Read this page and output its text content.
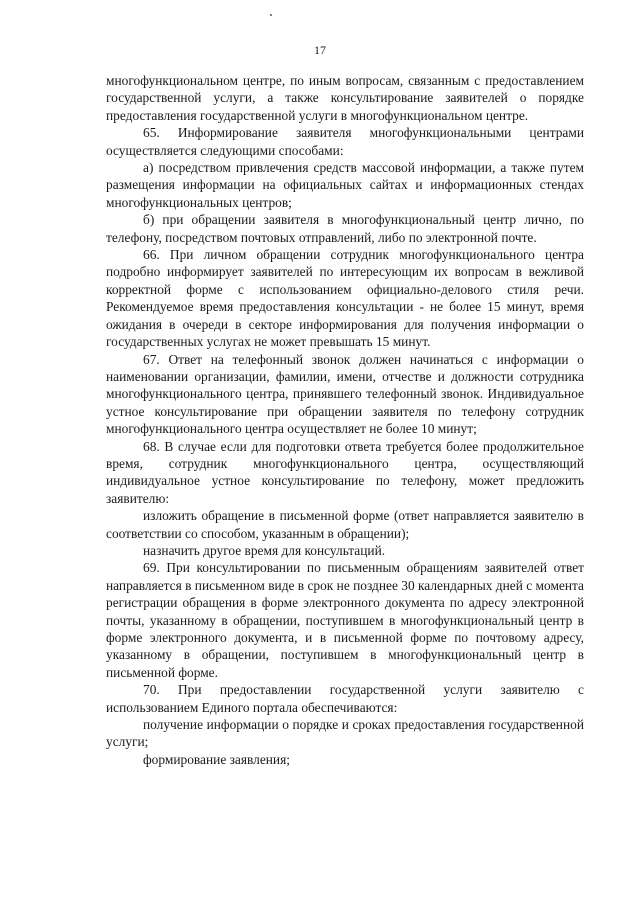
17

многофункциональном центре, по иным вопросам, связанным с предоставлением государственной услуги, а также консультирование заявителей о порядке предоставления государственной услуги в многофункциональном центре.

65. Информирование заявителя многофункциональными центрами осуществляется следующими способами:

а) посредством привлечения средств массовой информации, а также путем размещения информации на официальных сайтах и информационных стендах многофункциональных центров;

б) при обращении заявителя в многофункциональный центр лично, по телефону, посредством почтовых отправлений, либо по электронной почте.

66. При личном обращении сотрудник многофункционального центра подробно информирует заявителей по интересующим их вопросам в вежливой корректной форме с использованием официально-делового стиля речи. Рекомендуемое время предоставления консультации - не более 15 минут, время ожидания в очереди в секторе информирования для получения информации о государственных услугах не может превышать 15 минут.

67. Ответ на телефонный звонок должен начинаться с информации о наименовании организации, фамилии, имени, отчестве и должности сотрудника многофункционального центра, принявшего телефонный звонок. Индивидуальное устное консультирование при обращении заявителя по телефону сотрудник многофункционального центра осуществляет не более 10 минут;

68. В случае если для подготовки ответа требуется более продолжительное время, сотрудник многофункционального центра, осуществляющий индивидуальное устное консультирование по телефону, может предложить заявителю:

изложить обращение в письменной форме (ответ направляется заявителю в соответствии со способом, указанным в обращении);

назначить другое время для консультаций.

69. При консультировании по письменным обращениям заявителей ответ направляется в письменном виде в срок не позднее 30 календарных дней с момента регистрации обращения в форме электронного документа по адресу электронной почты, указанному в обращении, поступившем в многофункциональный центр в форме электронного документа, и в письменной форме по почтовому адресу, указанному в обращении, поступившем в многофункциональный центр в письменной форме.

70. При предоставлении государственной услуги заявителю с использованием Единого портала обеспечиваются:

получение информации о порядке и сроках предоставления государственной услуги;

формирование заявления;
